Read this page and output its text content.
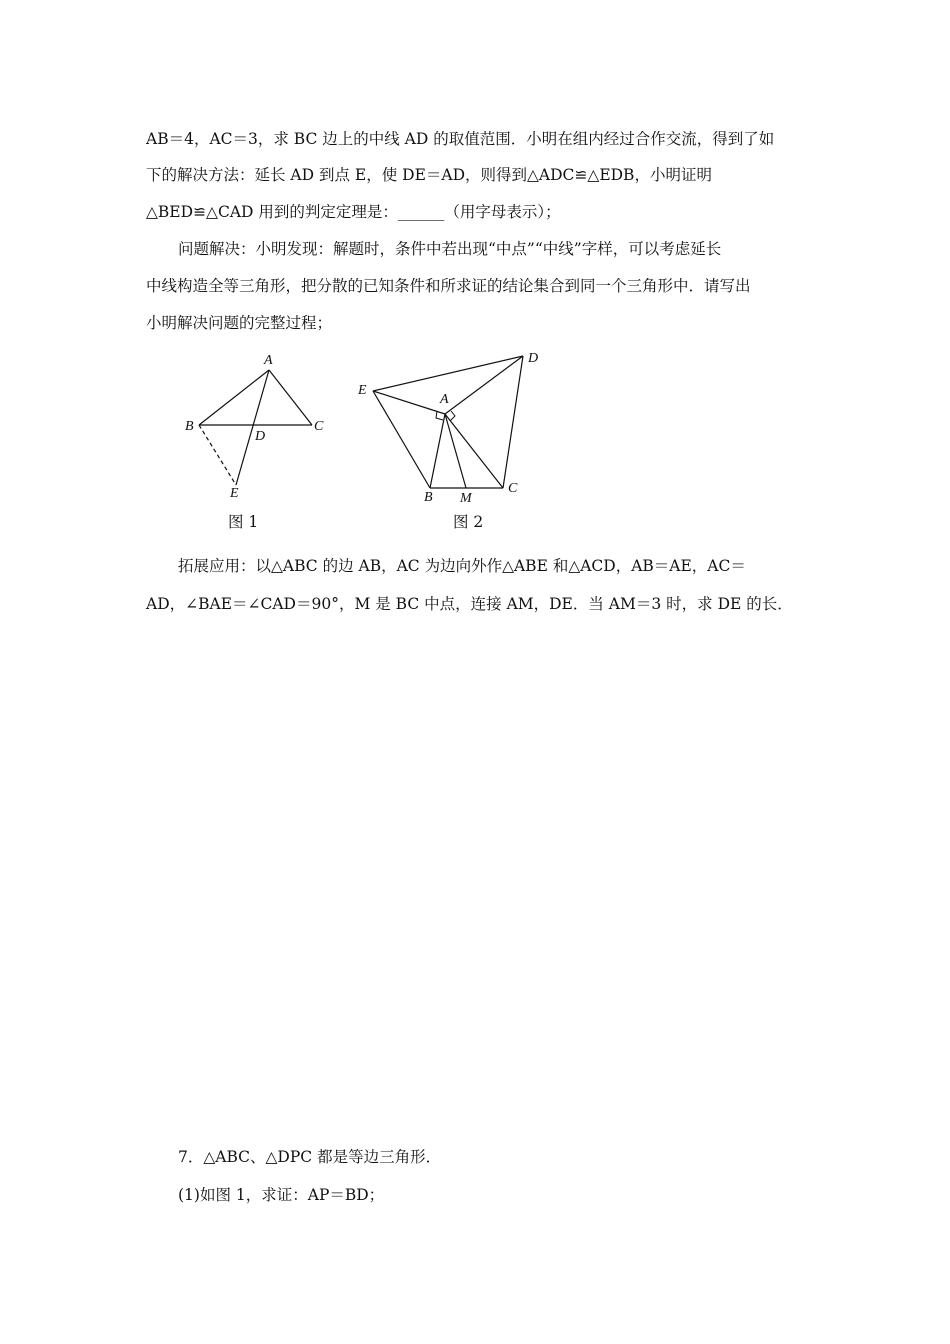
AB＝4，AC＝3，求 BC 边上的中线 AD 的取值范围．小明在组内经过合作交流，得到了如
下的解决方法：延长 AD 到点 E，使 DE＝AD，则得到△ADC≌△EDB，小明证明
△BED≌△CAD 用到的判定定理是：______（用字母表示）；
问题解决：小明发现：解题时，条件中若出现“中点”“中线”字样，可以考虑延长
中线构造全等三角形，把分散的已知条件和所求证的结论集合到同一个三角形中．请写出
小明解决问题的完整过程；
A
B	C
D
E
图 1
A
B
C
D
E
M
图 2
拓展应用：以△ABC 的边 AB，AC 为边向外作△ABE 和△ACD，AB＝AE，AC＝
AD，∠BAE＝∠CAD＝90°，M 是 BC 中点，连接 AM，DE．当 AM＝3 时，求 DE 的长．
7．△ABC、△DPC 都是等边三角形．
(1)如图 1，求证：AP＝BD；
